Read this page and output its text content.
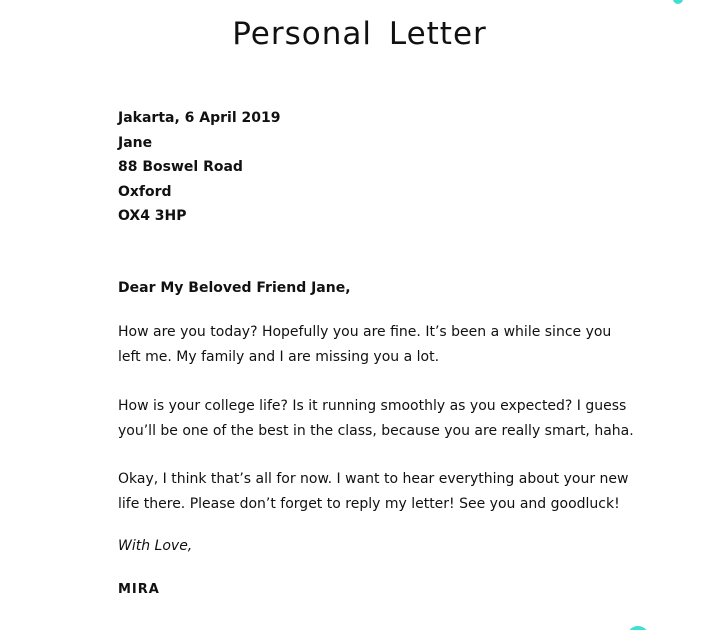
Personal Letter
Jakarta, 6 April 2019
Jane
88 Boswel Road
Oxford
OX4 3HP
Dear My Beloved Friend Jane,

How are you today? Hopefully you are fine. It’s been a while since you left me. My family and I are missing you a lot.

How is your college life? Is it running smoothly as you expected? I guess you’ll be one of the best in the class, because you are really smart, haha.

Okay, I think that’s all for now. I want to hear everything about your new life there. Please don’t forget to reply my letter! See you and goodluck!

With Love,
MIRA
